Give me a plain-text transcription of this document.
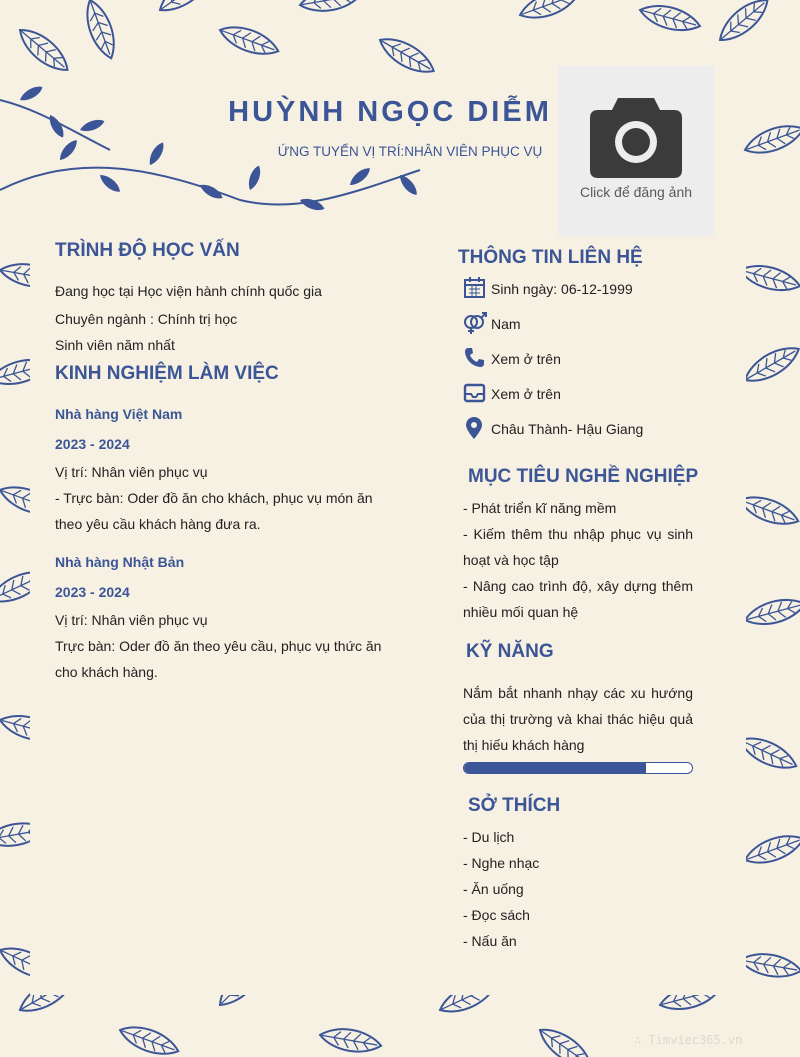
HUỲNH NGỌC DIỄM
ỨNG TUYỂN VỊ TRÍ:NHÂN VIÊN PHỤC VỤ
Click để đăng ảnh
TRÌNH ĐỘ HỌC VẤN
Đang học tại Học viện hành chính quốc gia
Chuyên ngành : Chính trị học
Sinh viên năm nhất
KINH NGHIỆM LÀM VIỆC
Nhà hàng Việt Nam
2023 - 2024
Vị trí: Nhân viên phục vụ
- Trực bàn: Oder đồ ăn cho khách, phục vụ món ăn theo yêu cầu khách hàng đưa ra.
Nhà hàng Nhật Bản
2023 - 2024
Vị trí: Nhân viên phục vụ
Trực bàn: Oder đồ ăn theo yêu cầu, phục vụ thức ăn cho khách hàng.
THÔNG TIN LIÊN HỆ
Sinh ngày: 06-12-1999
Nam
Xem ở trên
Xem ở trên
Châu Thành- Hậu Giang
MỤC TIÊU NGHỀ NGHIỆP
- Phát triển kĩ năng mềm
- Kiếm thêm thu nhập phục vụ sinh hoạt và học tập
- Nâng cao trình độ, xây dựng thêm nhiều mối quan hệ
KỸ NĂNG
Nắm bắt nhanh nhạy các xu hướng của thị trường và khai thác hiệu quả thị hiếu khách hàng
SỞ THÍCH
- Du lịch
- Nghe nhạc
- Ăn uống
- Đọc sách
- Nấu ăn
∴ Timviec365.vn
